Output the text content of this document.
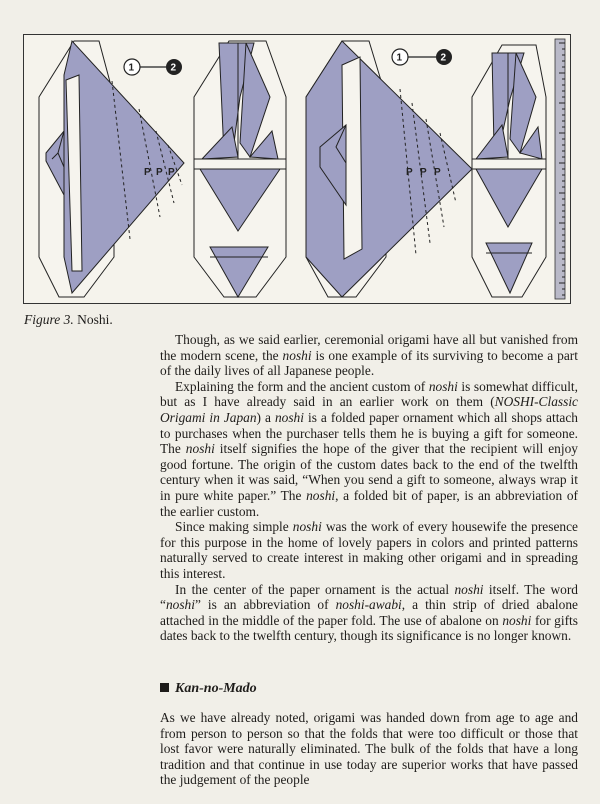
P P P
1	2
P P P
1	2
Figure 3. Noshi.

Though, as we said earlier, ceremonial origami have all but vanished from the modern scene, the noshi is one example of its surviving to become a part of the daily lives of all Japanese people.

Explaining the form and the ancient custom of noshi is somewhat difficult, but as I have already said in an earlier work on them (NOSHI-Classic Origami in Japan) a noshi is a folded paper ornament which all shops attach to purchases when the purchaser tells them he is buying a gift for someone. The noshi itself signifies the hope of the giver that the recipient will enjoy good fortune. The origin of the custom dates back to the end of the twelfth century when it was said, “When you send a gift to someone, always wrap it in pure white paper.” The noshi, a folded bit of paper, is an abbreviation of the earlier custom.

Since making simple noshi was the work of every housewife the presence for this purpose in the home of lovely papers in colors and printed patterns naturally served to create interest in making other origami and in spreading this interest.

In the center of the paper ornament is the actual noshi itself. The word “noshi” is an abbreviation of noshi-awabi, a thin strip of dried abalone attached in the middle of the paper fold. The use of abalone on noshi for gifts dates back to the twelfth century, though its significance is no longer known.

Kan-no-Mado

As we have already noted, origami was handed down from age to age and from person to person so that the folds that were too difficult or those that lost favor were naturally eliminated. The bulk of the folds that have a long tradition and that continue in use today are superior works that have passed the judgement of the people
